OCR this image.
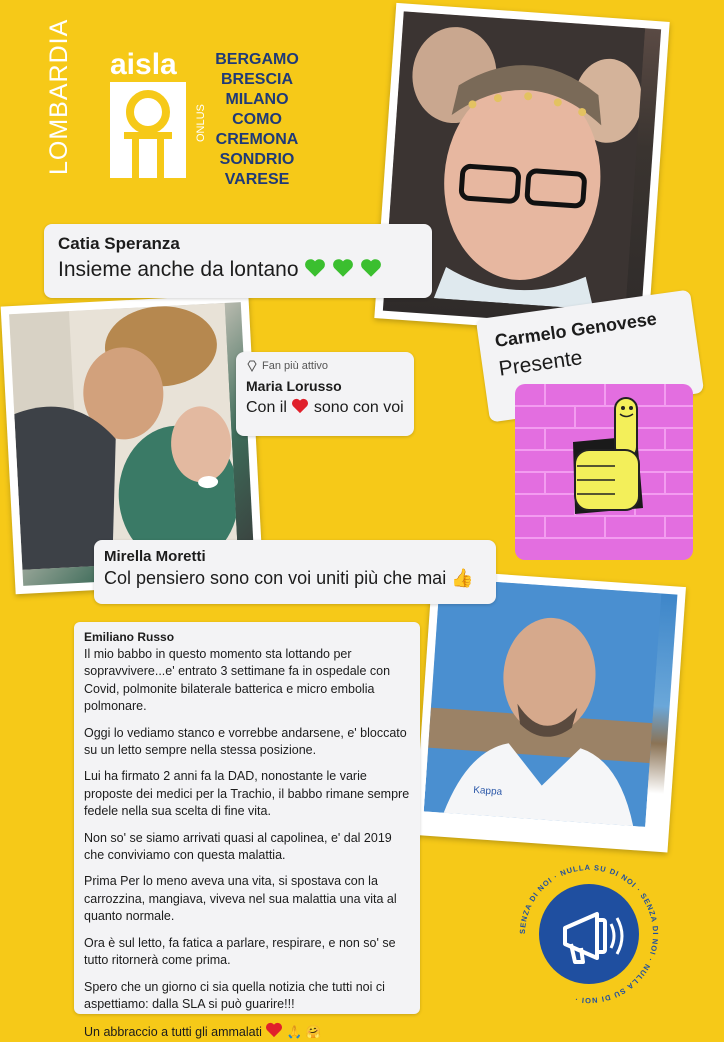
LOMBARDIA aisla
ONLUS
BERGAMO
BRESCIA
MILANO
COMO
CREMONA
SONDRIO
VARESE
Kappa
Catia Speranza
Insieme anche da lontano
Fan più attivo
Maria Lorusso
Con il sono con voi
Carmelo Genovese
Presente
Mirella Moretti
Col pensiero sono con voi uniti più che mai 👍
Emiliano Russo

Il mio babbo in questo momento sta lottando per sopravvivere...e' entrato 3 settimane fa in ospedale con Covid, polmonite bilaterale batterica e micro embolia polmonare.

Oggi lo vediamo stanco e vorrebbe andarsene, e' bloccato su un letto sempre nella stessa posizione.

Lui ha firmato 2 anni fa la DAD, nonostante le varie proposte dei medici per la Trachio, il babbo rimane sempre fedele nella sua scelta di fine vita.

Non so' se siamo arrivati quasi al capolinea, e' dal 2019 che conviviamo con questa malattia.

Prima Per lo meno aveva una vita, si spostava con la carrozzina, mangiava, viveva nel sua malattia una vita al quanto normale.

Ora è sul letto, fa fatica a parlare, respirare, e non so' se tutto ritornerà come prima.

Spero che un giorno ci sia quella notizia che tutti noi ci aspettiamo: dalla SLA si può guarire!!!

Un abbraccio a tutti gli ammalati 🙏 🤗

SENZA DI NOI · NULLA SU DI NOI · SENZA DI NOI · NULLA SU DI NOI ·
